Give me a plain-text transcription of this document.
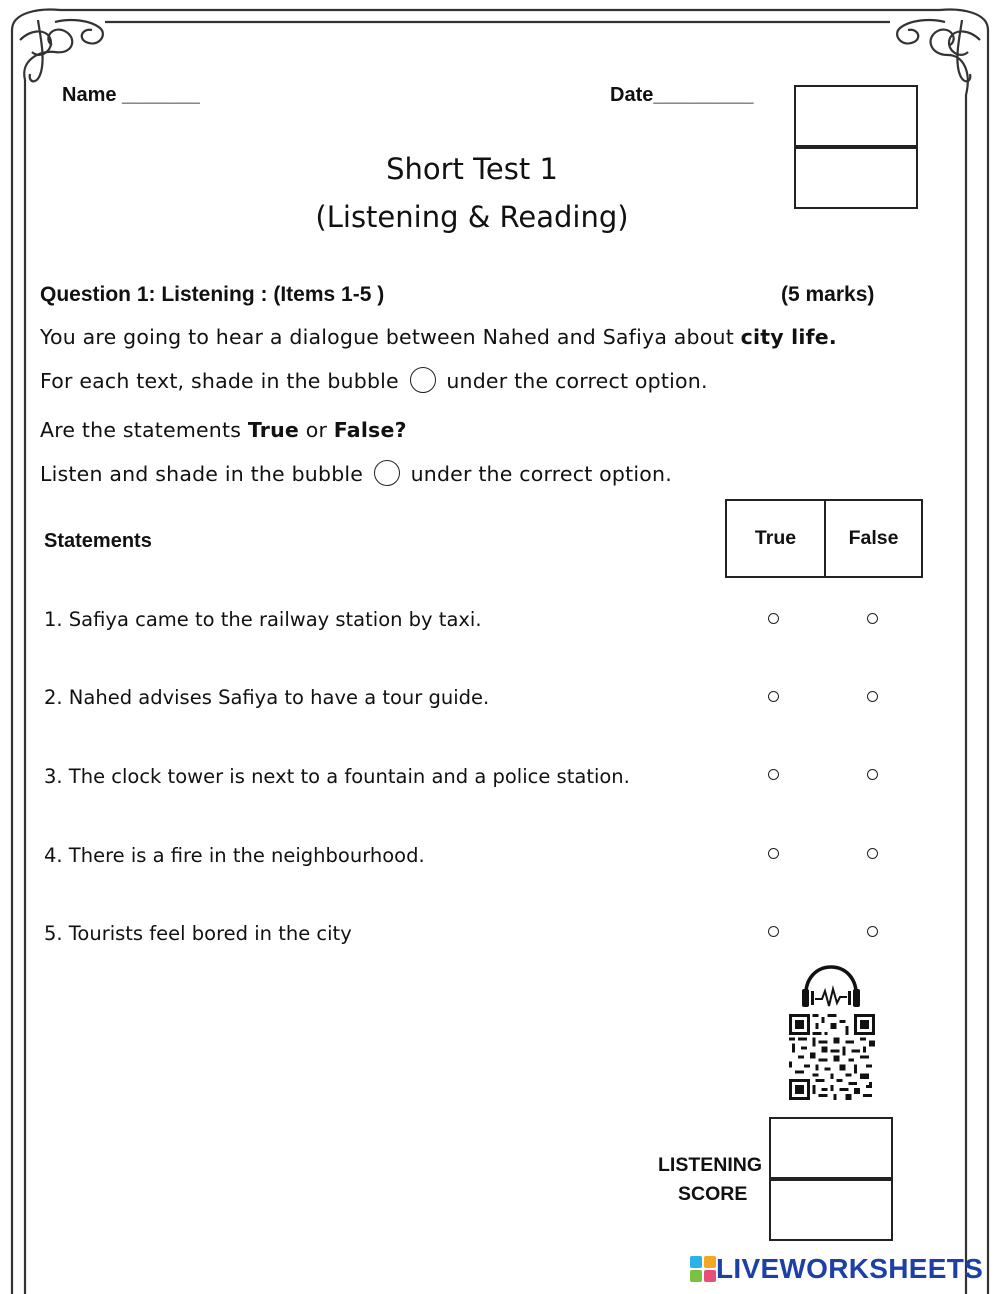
Name _______	Date_________
Short Test 1
(Listening & Reading)
Question 1: Listening : (Items 1-5 )	(5 marks)
You are going to hear a dialogue between Nahed and Safiya about city life.
For each text, shade in the bubble under the correct option.
Are the statements True or False?
Listen and shade in the bubble under the correct option.
Statements	True	False
1. Safiya came to the railway station by taxi.
2. Nahed advises Safiya to have a tour guide.
3. The clock tower is next to a fountain and a police station.
4. There is a fire in the neighbourhood.
5. Tourists feel bored in the city
LISTENING
SCORE
LIVEWORKSHEETS
